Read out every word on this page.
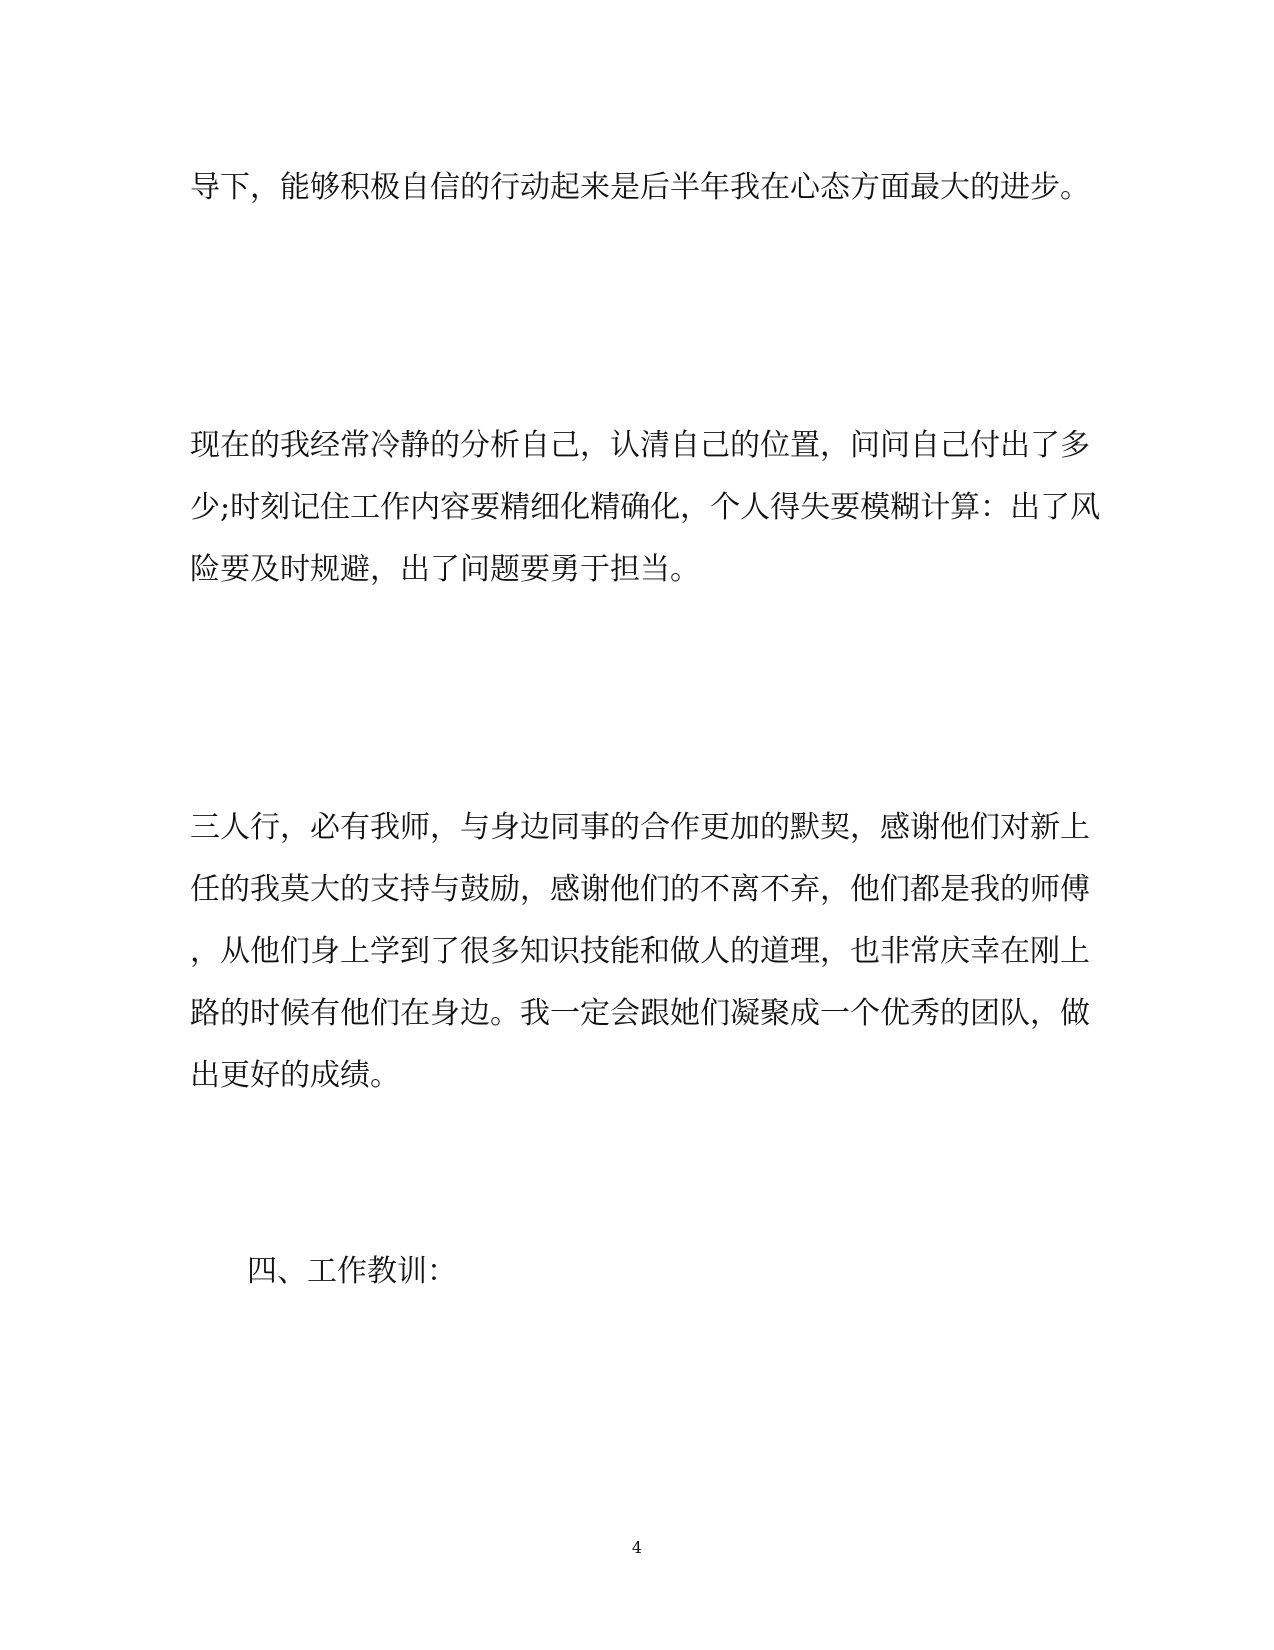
导下，能够积极自信的行动起来是后半年我在心态方面最大的进步。
现在的我经常冷静的分析自己，认清自己的位置，问问自己付出了多
少;时刻记住工作内容要精细化精确化，个人得失要模糊计算：出了风
险要及时规避，出了问题要勇于担当。
三人行，必有我师，与身边同事的合作更加的默契，感谢他们对新上
任的我莫大的支持与鼓励，感谢他们的不离不弃，他们都是我的师傅
，从他们身上学到了很多知识技能和做人的道理，也非常庆幸在刚上
路的时候有他们在身边。我一定会跟她们凝聚成一个优秀的团队，做
出更好的成绩。
四、工作教训：
4
